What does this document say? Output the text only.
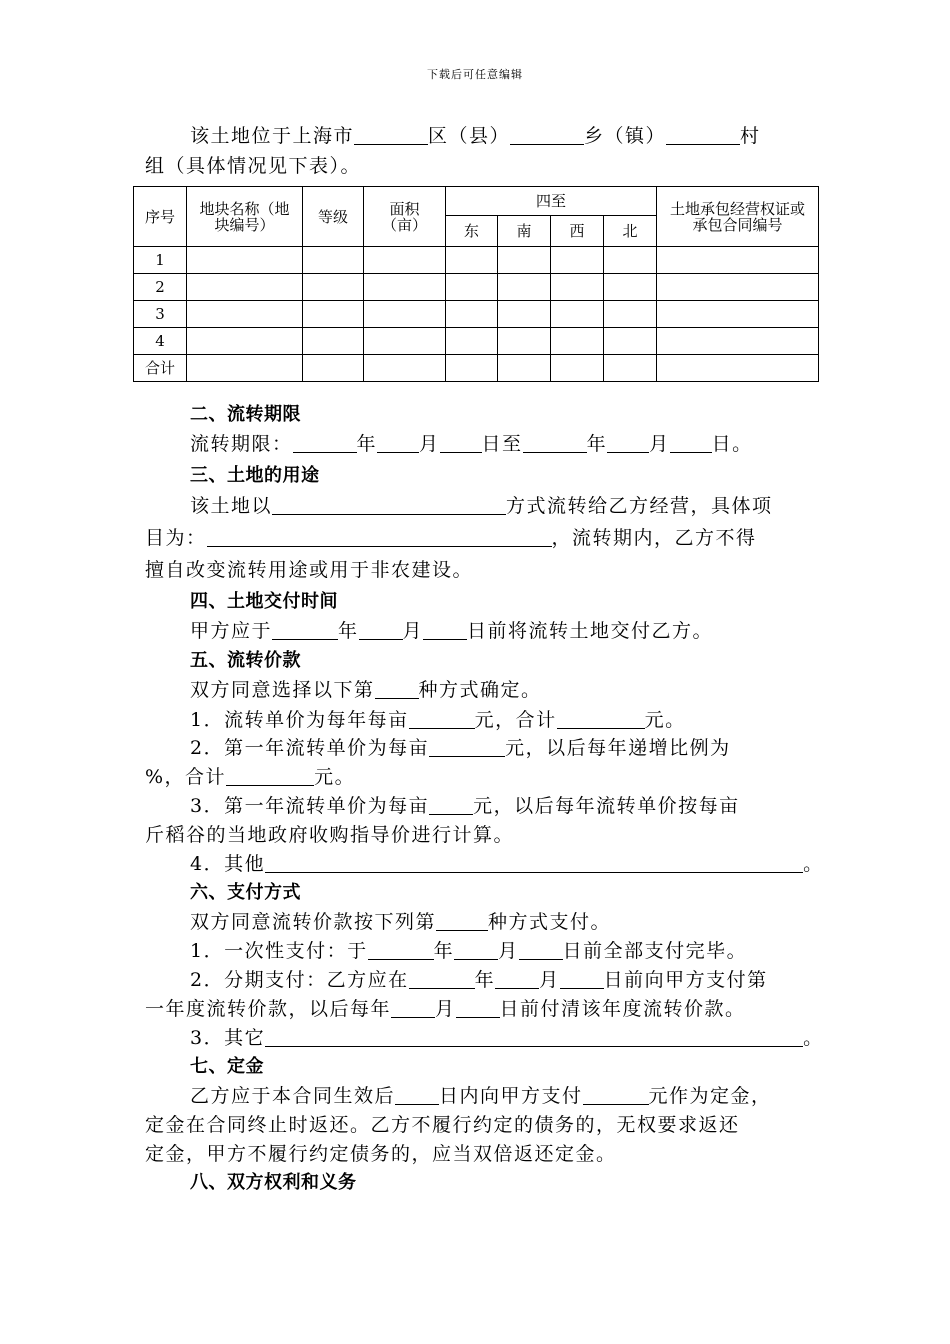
下载后可任意编辑
该土地位于上海市	区（县）	乡（镇）	村
组（具体情况见下表）。
序号	地块名称（地块编号）	等级	面积（亩）	四至				土地承包经营权证或承包合同编号
				东	南	西	北	
1								
2								
3								
4								
合计								
二、流转期限
流转期限：	年 月 日至	年 月 日。
三、土地的用途
该土地以	方式流转给乙方经营，具体项
目为：	，流转期内，乙方不得
擅自改变流转用途或用于非农建设。
四、土地交付时间
甲方应于	年 月 日前将流转土地交付乙方。
五、流转价款
双方同意选择以下第 种方式确定。
1．流转单价为每年每亩	元，合计	元。
2．第一年流转单价为每亩	元，以后每年递增比例为
%，合计	元。
3．第一年流转单价为每亩 元，以后每年流转单价按每亩
斤稻谷的当地政府收购指导价进行计算。
4．其他	。
六、支付方式
双方同意流转价款按下列第	种方式支付。
1．一次性支付：于	年 月 日前全部支付完毕。
2．分期支付：乙方应在	年 月 日前向甲方支付第
一年度流转价款，以后每年 月 日前付清该年度流转价款。
3．其它	。
七、定金
乙方应于本合同生效后 日内向甲方支付	元作为定金，
定金在合同终止时返还。乙方不履行约定的债务的，无权要求返还
定金，甲方不履行约定债务的，应当双倍返还定金。
八、双方权利和义务
